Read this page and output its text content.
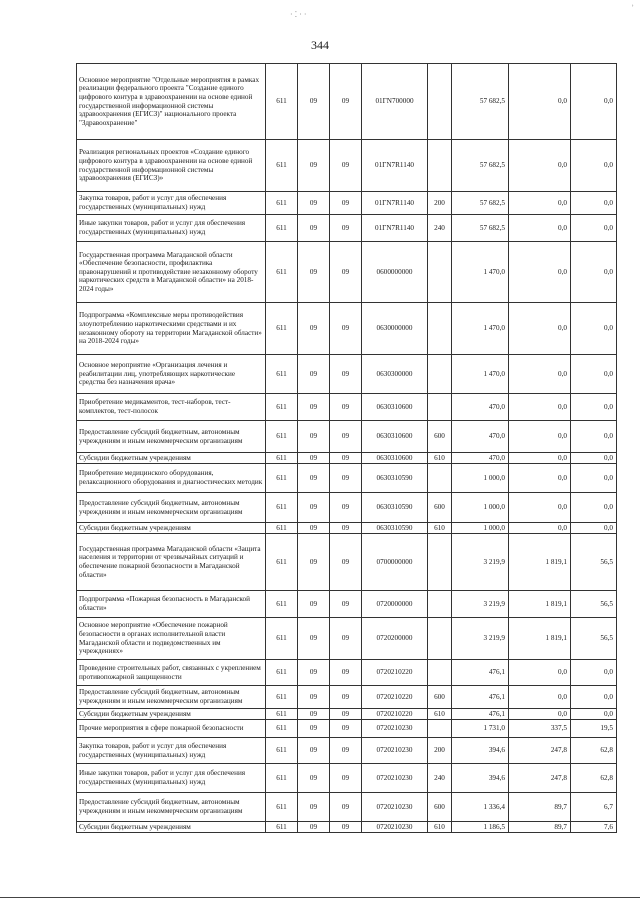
· ⁚ · ·
ʾ
344
Основное мероприятие "Отдельные мероприятия в рамках реализации федерального проекта "Создание единого цифрового контура в здравоохранении на основе единой государственной информационной системы здравоохранения (ЕГИСЗ)" национального проекта "Здравоохранение"	611	09	09	01ГN700000		57 682,5	0,0	0,0
Реализация региональных проектов «Создание единого цифрового контура в здравоохранении на основе единой государственной информационной системы здравоохранения (ЕГИСЗ)»	611	09	09	01ГN7R1140		57 682,5	0,0	0,0
Закупка товаров, работ и услуг для обеспечения государственных (муниципальных) нужд	611	09	09	01ГN7R1140	200	57 682,5	0,0	0,0
Иные закупки товаров, работ и услуг для обеспечения государственных (муниципальных) нужд	611	09	09	01ГN7R1140	240	57 682,5	0,0	0,0
Государственная программа Магаданской области «Обеспечение безопасности, профилактика правонарушений и противодействие незаконному обороту наркотических средств в Магаданской области» на 2018-2024 годы»	611	09	09	0600000000		1 470,0	0,0	0,0
Подпрограмма «Комплексные меры противодействия злоупотреблению наркотическими средствами и их незаконному обороту на территории Магаданской области» на 2018-2024 годы»	611	09	09	0630000000		1 470,0	0,0	0,0
Основное мероприятие «Организация лечения и реабилитации лиц, употребляющих наркотические средства без назначения врача»	611	09	09	0630300000		1 470,0	0,0	0,0
Приобретение медикаментов, тест-наборов, тест-комплектов, тест-полосок	611	09	09	0630310600		470,0	0,0	0,0
Предоставление субсидий бюджетным, автономным учреждениям и иным некоммерческим организациям	611	09	09	0630310600	600	470,0	0,0	0,0
Субсидии бюджетным учреждениям	611	09	09	0630310600	610	470,0	0,0	0,0
Приобретение медицинского оборудования, релаксационного оборудования и диагностических методик	611	09	09	0630310590		1 000,0	0,0	0,0
Предоставление субсидий бюджетным, автономным учреждениям и иным некоммерческим организациям	611	09	09	0630310590	600	1 000,0	0,0	0,0
Субсидии бюджетным учреждениям	611	09	09	0630310590	610	1 000,0	0,0	0,0
Государственная программа Магаданской области «Защита населения и территории от чрезвычайных ситуаций и обеспечение пожарной безопасности в Магаданской области»	611	09	09	0700000000		3 219,9	1 819,1	56,5
Подпрограмма «Пожарная безопасность в Магаданской области»	611	09	09	0720000000		3 219,9	1 819,1	56,5
Основное мероприятие «Обеспечение пожарной безопасности в органах исполнительной власти Магаданской области и подведомственных им учреждениях»	611	09	09	0720200000		3 219,9	1 819,1	56,5
Проведение строительных работ, связанных с укреплением противопожарной защищенности	611	09	09	0720210220		476,1	0,0	0,0
Предоставление субсидий бюджетным, автономным учреждениям и иным некоммерческим организациям	611	09	09	0720210220	600	476,1	0,0	0,0
Субсидии бюджетным учреждениям	611	09	09	0720210220	610	476,1	0,0	0,0
Прочие мероприятия в сфере пожарной безопасности	611	09	09	0720210230		1 731,0	337,5	19,5
Закупка товаров, работ и услуг для обеспечения государственных (муниципальных) нужд	611	09	09	0720210230	200	394,6	247,8	62,8
Иные закупки товаров, работ и услуг для обеспечения государственных (муниципальных) нужд	611	09	09	0720210230	240	394,6	247,8	62,8
Предоставление субсидий бюджетным, автономным учреждениям и иным некоммерческим организациям	611	09	09	0720210230	600	1 336,4	89,7	6,7
Субсидии бюджетным учреждениям	611	09	09	0720210230	610	1 186,5	89,7	7,6
